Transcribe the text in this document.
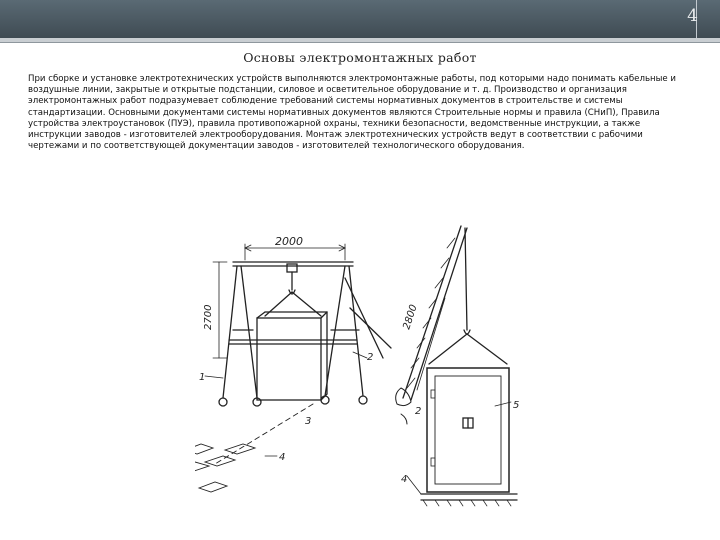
4
Основы электромонтажных работ

При сборке и установке электротехнических устройств выполняются электромонтажные работы, под которыми надо понимать кабельные и воздушные линии, закрытые и открытые подстанции, силовое и осветительное оборудование и т. д. Производство и организация электромонтажных работ подразумевает соблюдение требований системы нормативных документов в строительстве и системы стандартизации. Основными документами системы нормативных документов являются Строительные нормы и правила (СНиП), Правила устройства электроустановок (ПУЭ), правила противопожарной охраны, техники безопасности, ведомственные инструкции, а также инструкции заводов - изготовителей электрооборудования. Монтаж электротехнических устройств ведут в соответствии с рабочими чертежами и по соответствующей документации заводов - изготовителей технологического оборудования.

2000
2700	2800
1
2
3
4
2
4
5
